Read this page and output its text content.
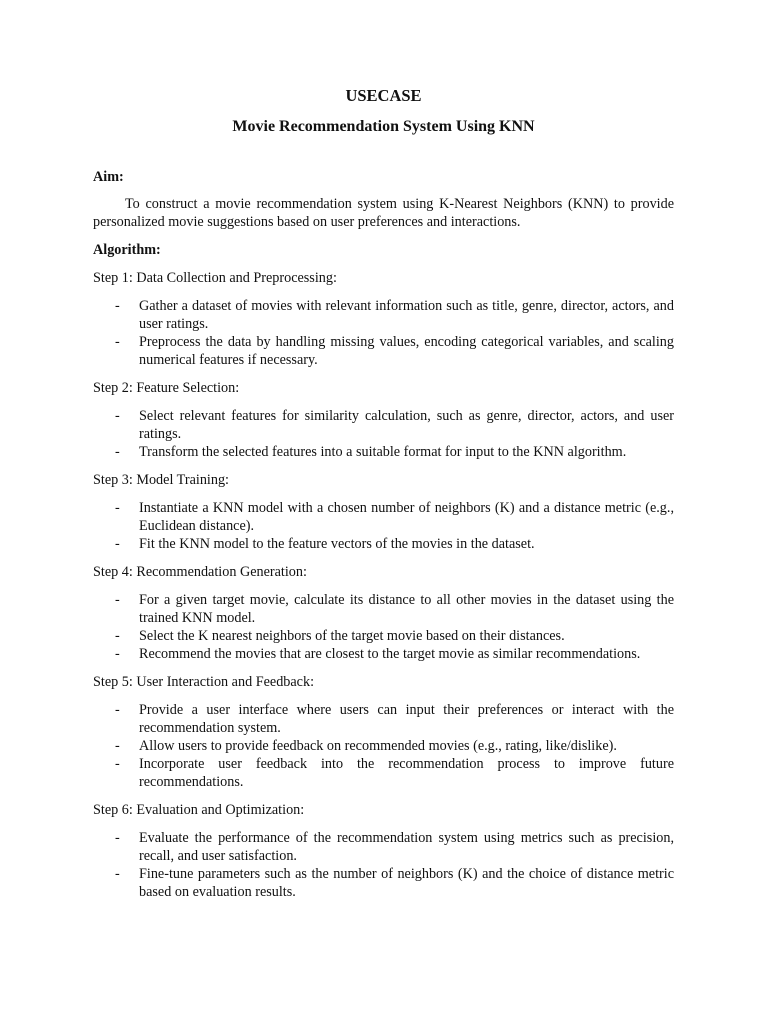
USECASE
Movie Recommendation System Using KNN

Aim:

To construct a movie recommendation system using K-Nearest Neighbors (KNN) to provide personalized movie suggestions based on user preferences and interactions.

Algorithm:

Step 1: Data Collection and Preprocessing:

- Gather a dataset of movies with relevant information such as title, genre, director, actors, and user ratings.
- Preprocess the data by handling missing values, encoding categorical variables, and scaling numerical features if necessary.

Step 2: Feature Selection:

- Select relevant features for similarity calculation, such as genre, director, actors, and user ratings.
- Transform the selected features into a suitable format for input to the KNN algorithm.

Step 3: Model Training:

- Instantiate a KNN model with a chosen number of neighbors (K) and a distance metric (e.g., Euclidean distance).
- Fit the KNN model to the feature vectors of the movies in the dataset.

Step 4: Recommendation Generation:

- For a given target movie, calculate its distance to all other movies in the dataset using the trained KNN model.
- Select the K nearest neighbors of the target movie based on their distances.
- Recommend the movies that are closest to the target movie as similar recommendations.

Step 5: User Interaction and Feedback:

- Provide a user interface where users can input their preferences or interact with the recommendation system.
- Allow users to provide feedback on recommended movies (e.g., rating, like/dislike).
- Incorporate user feedback into the recommendation process to improve future recommendations.

Step 6: Evaluation and Optimization:

- Evaluate the performance of the recommendation system using metrics such as precision, recall, and user satisfaction.
- Fine-tune parameters such as the number of neighbors (K) and the choice of distance metric based on evaluation results.
